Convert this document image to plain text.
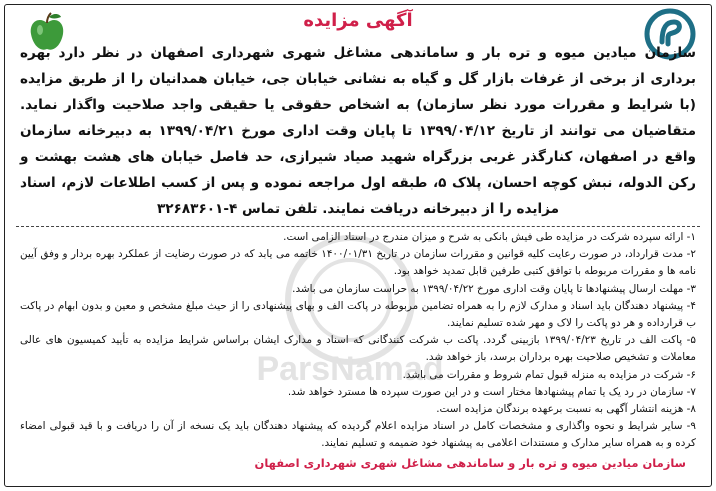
ParsNamad
آگهی مزایده

سازمان میادین میوه و تره بار و ساماندهی مشاغل شهری شهرداری اصفهان در نظر دارد بهره برداری از برخی از غرفات بازار گل و گیاه به نشانی خیابان جی، خیابان همدانیان را از طریق مزایده (با شرایط و مقررات مورد نظر سازمان) به اشخاص حقوقی یا حقیقی واجد صلاحیت واگذار نماید. متقاضیان می توانند از تاریخ ۱۳۹۹/۰۴/۱۲ تا پایان وقت اداری مورخ ۱۳۹۹/۰۴/۲۱ به دبیرخانه سازمان واقع در اصفهان، کنارگذر غربی بزرگراه شهید صیاد شیرازی، حد فاصل خیابان های هشت بهشت و رکن الدوله، نبش کوچه احسان، پلاک ۵، طبقه اول مراجعه نموده و پس از کسب اطلاعات لازم، اسناد مزایده را از دبیرخانه دریافت نمایند. تلفن تماس ۴-۳۲۶۸۳۶۰۱

۱- ارائه سپرده شرکت در مزایده طی فیش بانکی به شرح و میزان مندرج در اسناد الزامی است.

۲- مدت قرارداد، در صورت رعایت کلیه قوانین و مقررات سازمان در تاریخ ۱۴۰۰/۰۱/۳۱ خاتمه می یابد که در صورت رضایت از عملکرد بهره بردار و وفق آیین نامه ها و مقررات مربوطه با توافق کتبی طرفین قابل تمدید خواهد بود.

۳- مهلت ارسال پیشنهادها تا پایان وقت اداری مورخ ۱۳۹۹/۰۴/۲۲ به حراست سازمان می باشد.

۴- پیشنهاد دهندگان باید اسناد و مدارک لازم را به همراه تضامین مربوطه در پاکت الف و بهای پیشنهادی را از حیث مبلغ مشخص و معین و بدون ابهام در پاکت ب قرارداده و هر دو پاکت را لاک و مهر شده تسلیم نمایند.

۵- پاکت الف در تاریخ ۱۳۹۹/۰۴/۲۳ بازبینی گردد. پاکت ب شرکت کنندگانی که اسناد و مدارک ایشان براساس شرایط مزایده به تأیید کمیسیون های عالی معاملات و تشخیص صلاحیت بهره برداران برسد، باز خواهد شد.

۶- شرکت در مزایده به منزله قبول تمام شروط و مقررات می باشد.

۷- سازمان در رد یک یا تمام پیشنهادها مختار است و در این صورت سپرده ها مسترد خواهد شد.

۸- هزینه انتشار آگهی به نسبت برعهده برندگان مزایده است.

۹- سایر شرایط و نحوه واگذاری و مشخصات کامل در اسناد مزایده اعلام گردیده که پیشنهاد دهندگان باید یک نسخه از آن را دریافت و با قید قبولی امضاء کرده و به همراه سایر مدارک و مستندات اعلامی به پیشنهاد خود ضمیمه و تسلیم نمایند.

سازمان میادین میوه و تره بار و ساماندهی مشاغل شهری شهرداری اصفهان
